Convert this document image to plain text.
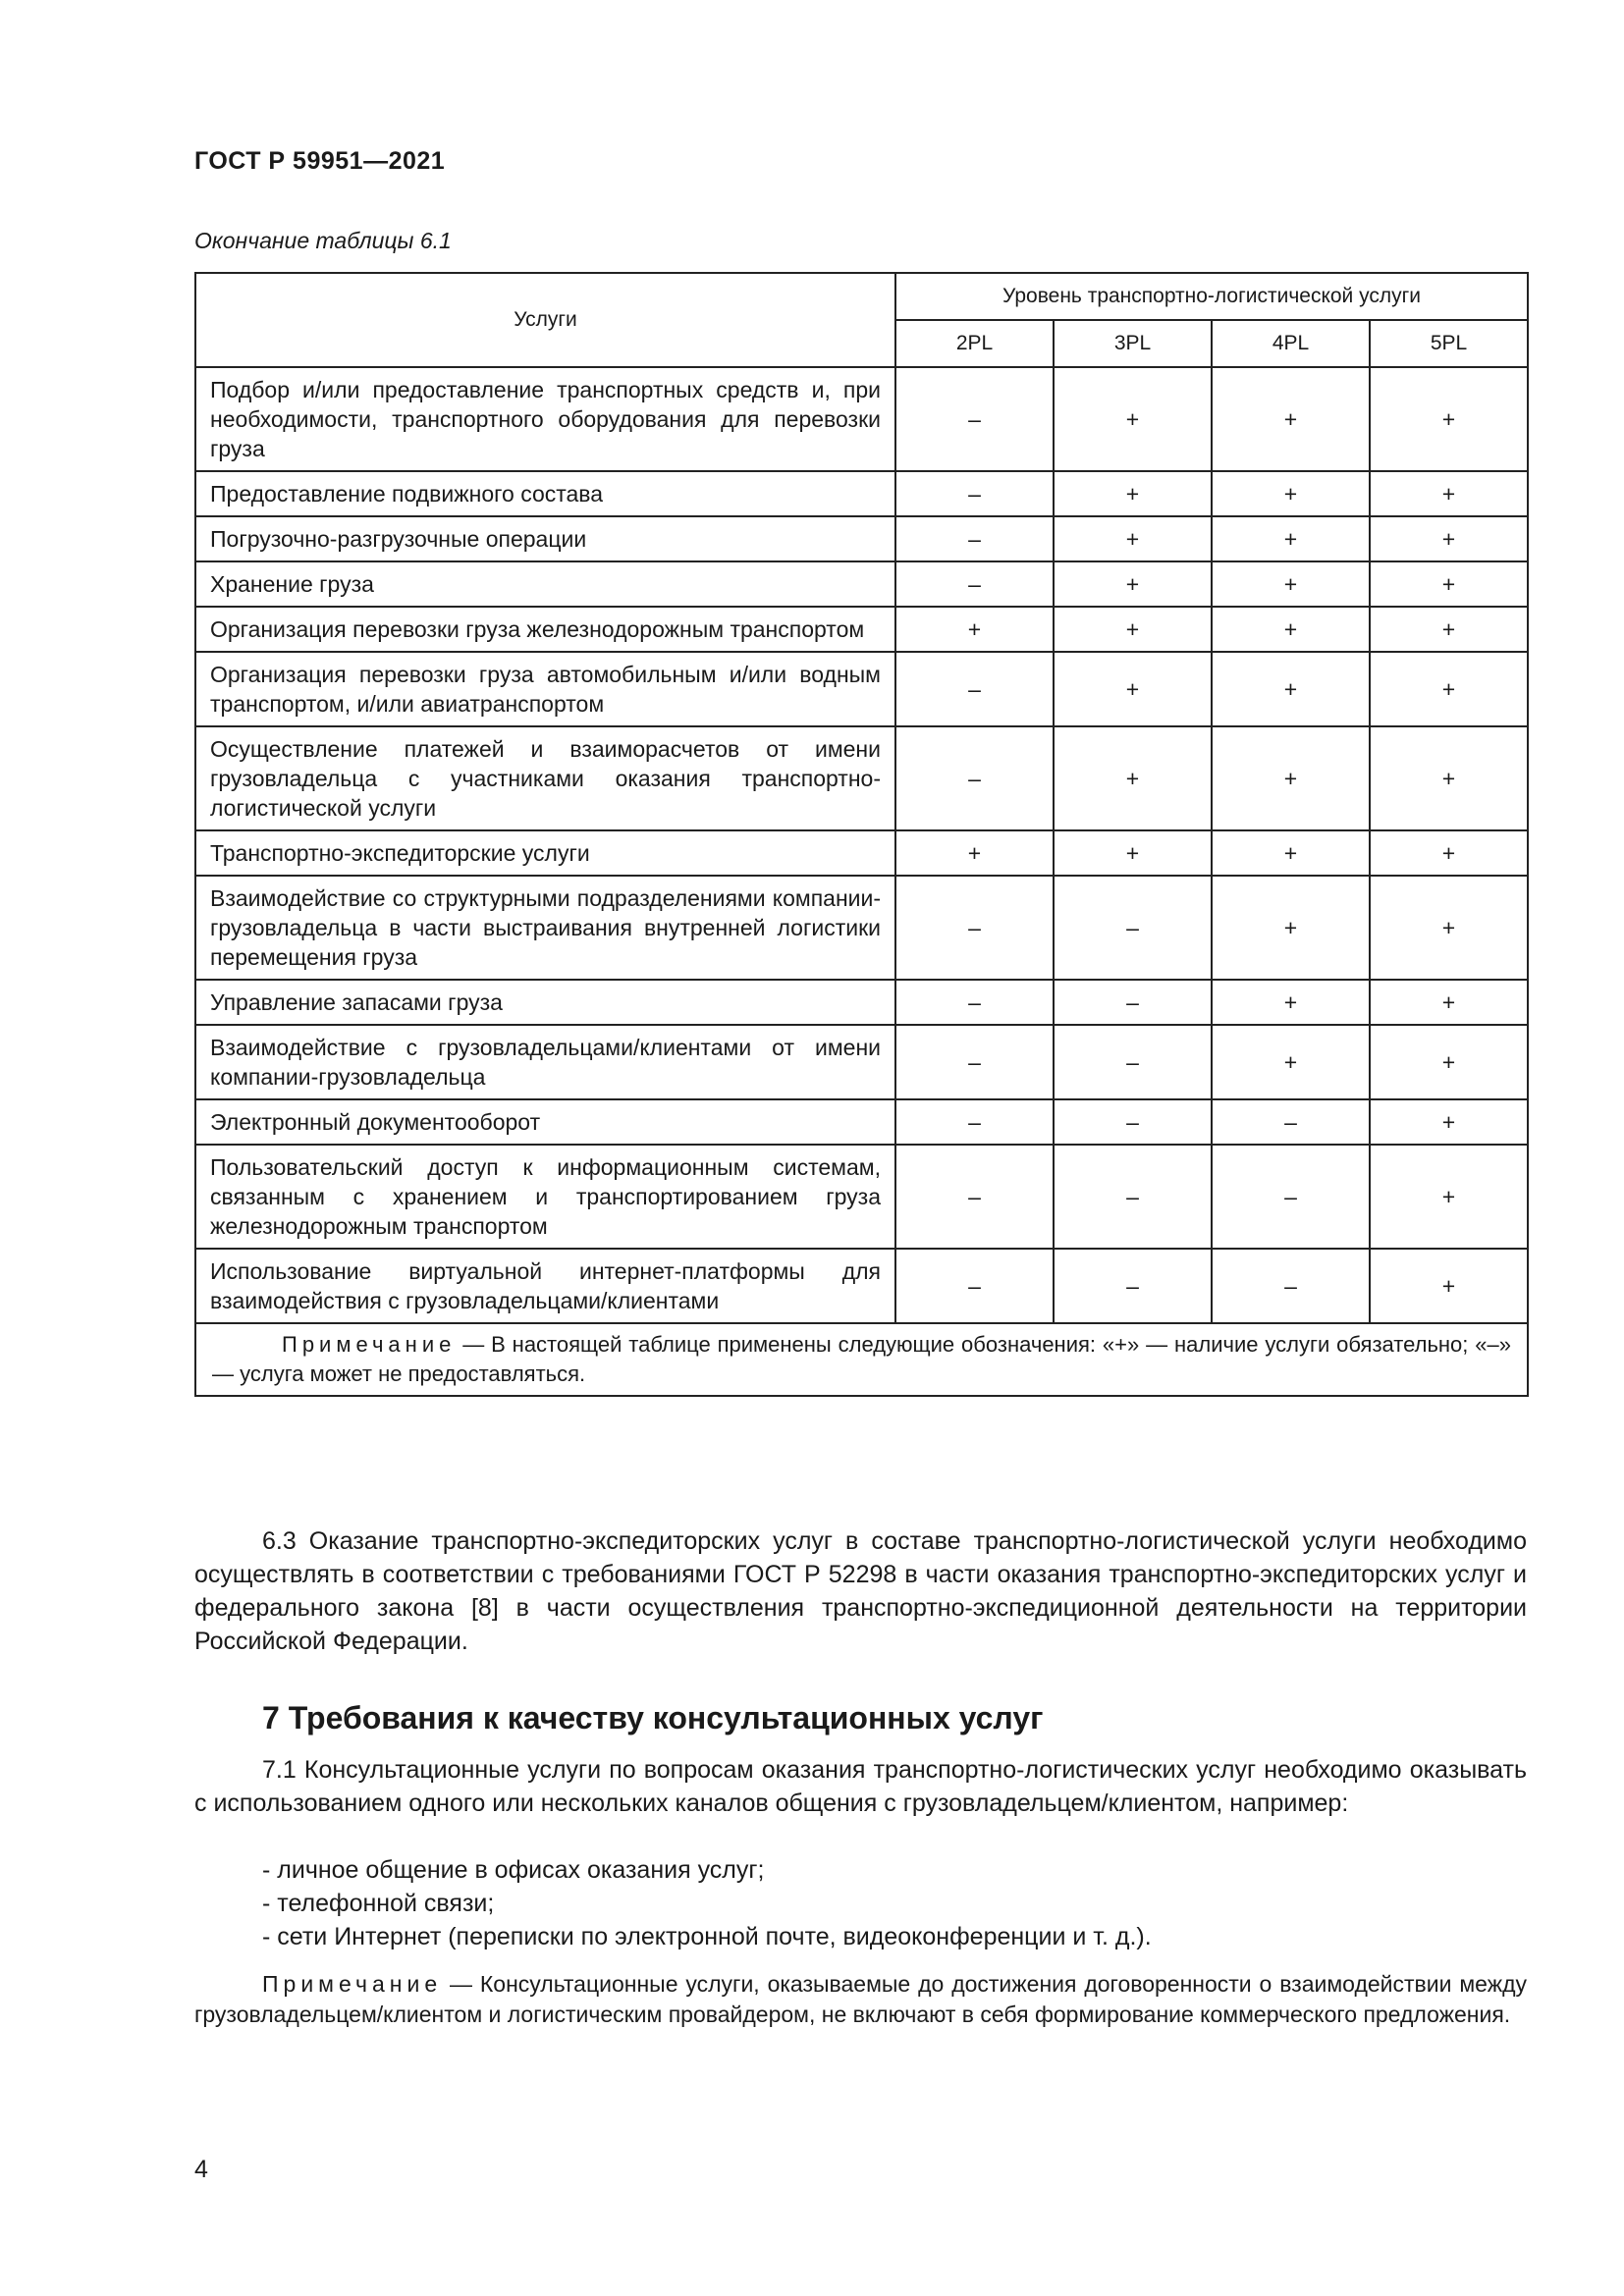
ГОСТ Р 59951—2021
Окончание таблицы 6.1
Услуги	Уровень транспортно-логистической услуги			
	2PL	3PL	4PL	5PL
Подбор и/или предоставление транспортных средств и, при необходимости, транспортного оборудования для перевозки груза	–	+	+	+
Предоставление подвижного состава	–	+	+	+
Погрузочно-разгрузочные операции	–	+	+	+
Хранение груза	–	+	+	+
Организация перевозки груза железнодорожным транспортом	+	+	+	+
Организация перевозки груза автомобильным и/или водным транспортом, и/или авиатранспортом	–	+	+	+
Осуществление платежей и взаиморасчетов от имени грузовладельца с участниками оказания транспортно-логистической услуги	–	+	+	+
Транспортно-экспедиторские услуги	+	+	+	+
Взаимодействие со структурными подразделениями компании-грузовладельца в части выстраивания внутренней логистики перемещения груза	–	–	+	+
Управление запасами груза	–	–	+	+
Взаимодействие с грузовладельцами/клиентами от имени компании-грузовладельца	–	–	+	+
Электронный документооборот	–	–	–	+
Пользовательский доступ к информационным системам, связанным с хранением и транспортированием груза железнодорожным транспортом	–	–	–	+
Использование виртуальной интернет-платформы для взаимодействия с грузовладельцами/клиентами	–	–	–	+
Примечание — В настоящей таблице применены следующие обозначения: «+» — наличие услуги обязательно; «–» — услуга может не предоставляться.				
6.3 Оказание транспортно-экспедиторских услуг в составе транспортно-логистической услуги необходимо осуществлять в соответствии с требованиями ГОСТ Р 52298 в части оказания транспортно-экспедиторских услуг и федерального закона [8] в части осуществления транспортно-экспедиционной деятельности на территории Российской Федерации.
7 Требования к качеству консультационных услуг
7.1 Консультационные услуги по вопросам оказания транспортно-логистических услуг необходимо оказывать с использованием одного или нескольких каналов общения с грузовладельцем/клиентом, например:
- личное общение в офисах оказания услуг;
- телефонной связи;
- сети Интернет (переписки по электронной почте, видеоконференции и т. д.).
Примечание — Консультационные услуги, оказываемые до достижения договоренности о взаимодействии между грузовладельцем/клиентом и логистическим провайдером, не включают в себя формирование коммерческого предложения.
4
